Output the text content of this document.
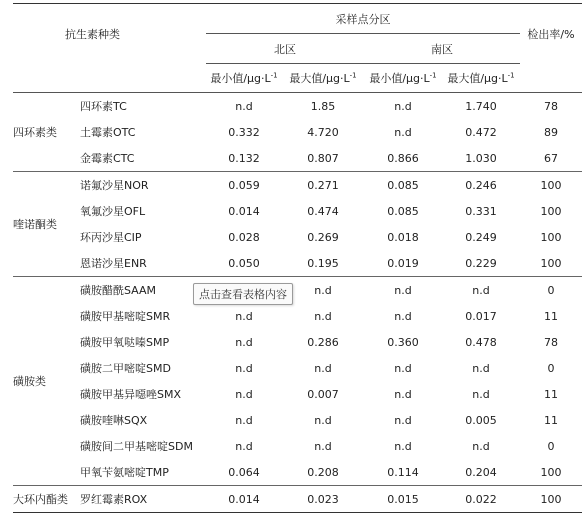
抗生素种类		采样点分区				检出率/%
		北区		南区		
		最小值$/\mu g\cdot L^{-1}$	最大值$/\mu g\cdot L^{-1}$	最小值$/\mu g\cdot L^{-1}$	最大值$/\mu g\cdot L^{-1}$	
四环素类	四环素TC	n.d	1.85	n.d	1.740	78
	土霉素OTC	0.332	4.720	n.d	0.472	89
	金霉素CTC	0.132	0.807	0.866	1.030	67
喹诺酮类	诺氟沙星NOR	0.059	0.271	0.085	0.246	100
	氧氟沙星OFL	0.014	0.474	0.085	0.331	100
	环丙沙星CIP	0.028	0.269	0.018	0.249	100
	恩诺沙星ENR	0.050	0.195	0.019	0.229	100
磺胺类	磺胺醋酰SAAM		n.d	n.d	n.d	0
	磺胺甲基嘧啶SMR	n.d	n.d	n.d	0.017	11
	磺胺甲氧哒嗪SMP	n.d	0.286	0.360	0.478	78
	磺胺二甲嘧啶SMD	n.d	n.d	n.d	n.d	0
	磺胺甲基异噁唑SMX	n.d	0.007	n.d	n.d	11
	磺胺喹啉SQX	n.d	n.d	n.d	0.005	11
	磺胺间二甲基嘧啶SDM	n.d	n.d	n.d	n.d	0
	甲氧苄氨嘧啶TMP	0.064	0.208	0.114	0.204	100
大环内酯类	罗红霉素ROX	0.014	0.023	0.015	0.022	100
点击查看表格内容
